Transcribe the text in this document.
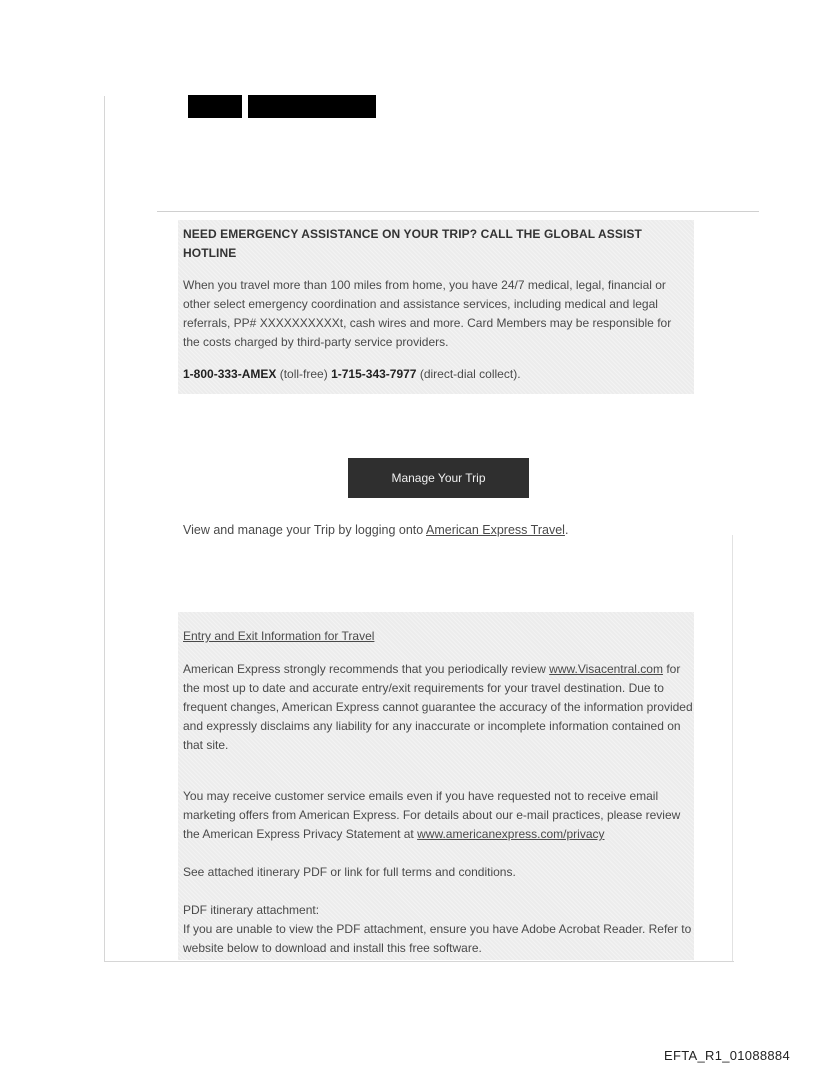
NEED EMERGENCY ASSISTANCE ON YOUR TRIP? CALL THE GLOBAL ASSIST HOTLINE
When you travel more than 100 miles from home, you have 24/7 medical, legal, financial or other select emergency coordination and assistance services, including medical and legal referrals, PP# XXXXXXXXXXt, cash wires and more. Card Members may be responsible for the costs charged by third-party service providers.
1-800-333-AMEX (toll-free) 1-715-343-7977 (direct-dial collect).
Manage Your Trip
View and manage your Trip by logging onto American Express Travel.
Entry and Exit Information for Travel
American Express strongly recommends that you periodically review www.Visacentral.com for the most up to date and accurate entry/exit requirements for your travel destination. Due to frequent changes, American Express cannot guarantee the accuracy of the information provided and expressly disclaims any liability for any inaccurate or incomplete information contained on that site.
You may receive customer service emails even if you have requested not to receive email marketing offers from American Express. For details about our e-mail practices, please review the American Express Privacy Statement at www.americanexpress.com/privacy
See attached itinerary PDF or link for full terms and conditions.
PDF itinerary attachment:
If you are unable to view the PDF attachment, ensure you have Adobe Acrobat Reader. Refer to website below to download and install this free software.
EFTA_R1_01088884
